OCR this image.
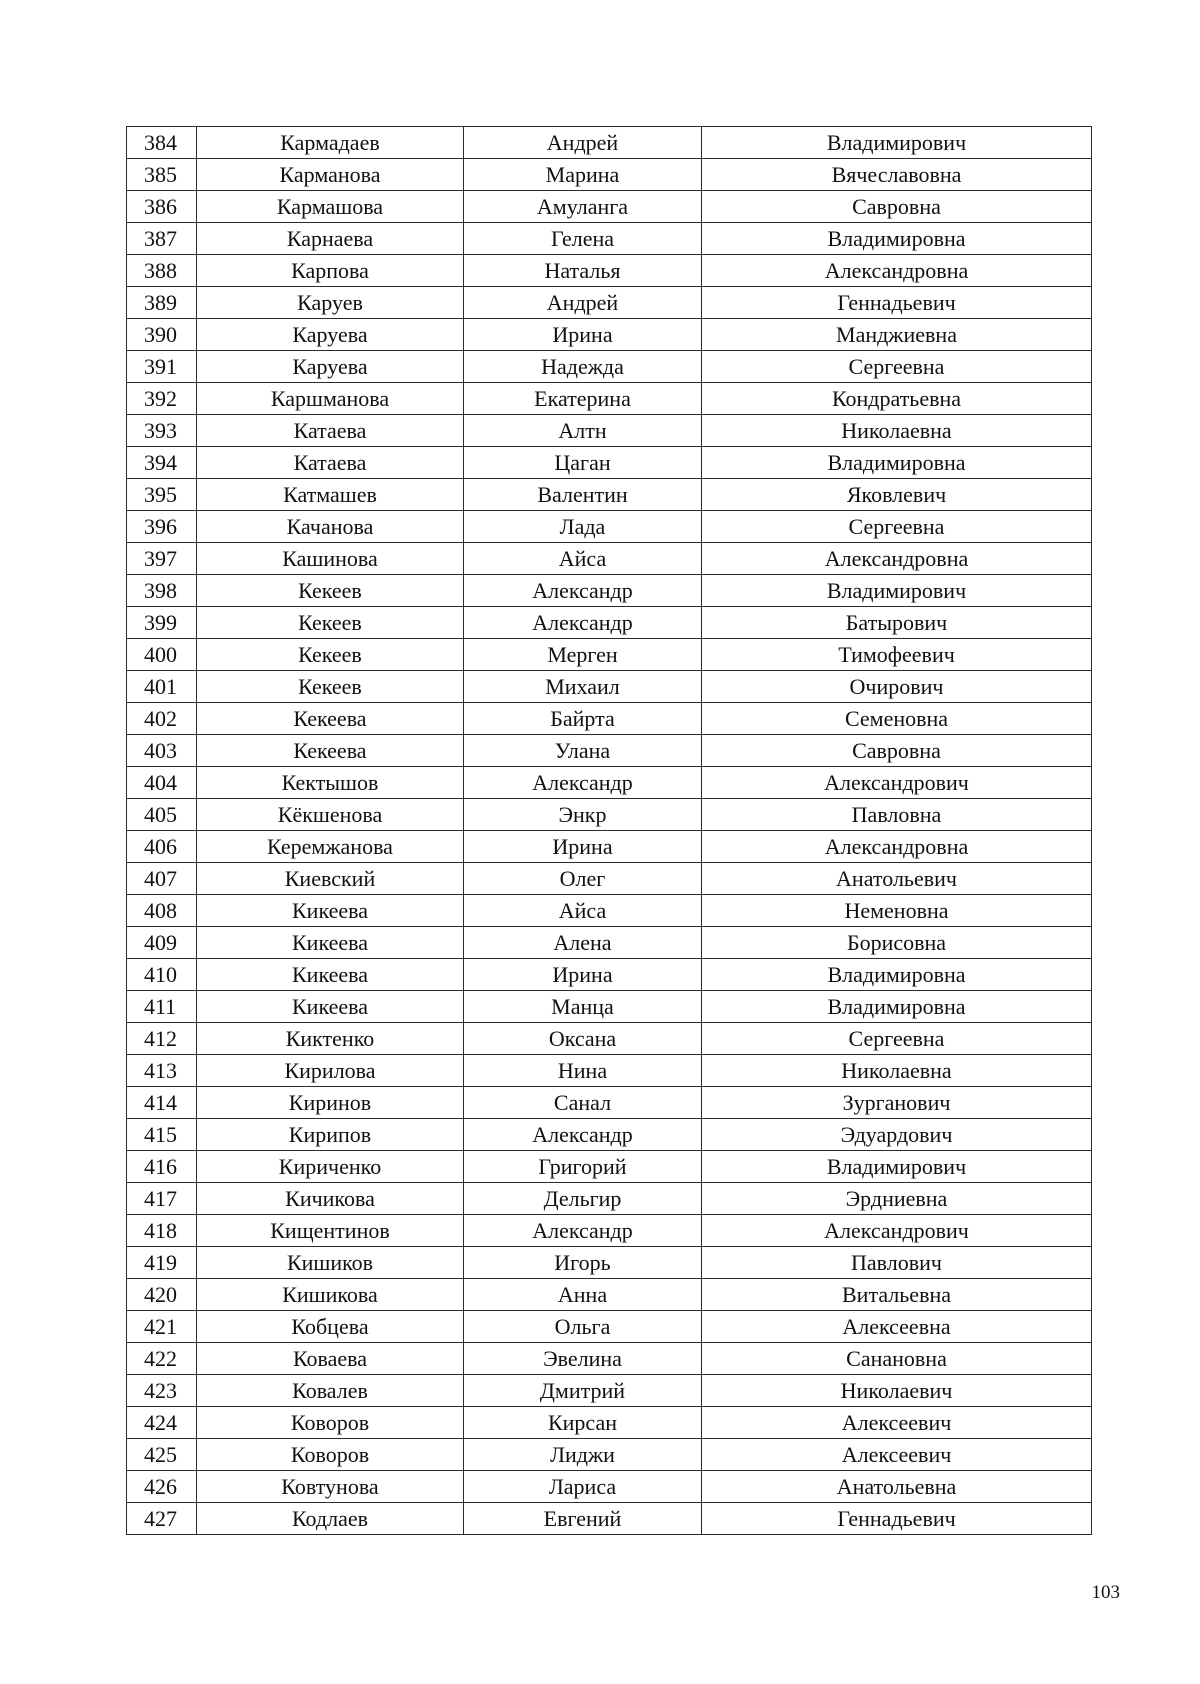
384	Кармадаев	Андрей	Владимирович
385	Карманова	Марина	Вячеславовна
386	Кармашова	Амуланга	Савровна
387	Карнаева	Гелена	Владимировна
388	Карпова	Наталья	Александровна
389	Каруев	Андрей	Геннадьевич
390	Каруева	Ирина	Манджиевна
391	Каруева	Надежда	Сергеевна
392	Каршманова	Екатерина	Кондратьевна
393	Катаева	Алтн	Николаевна
394	Катаева	Цаган	Владимировна
395	Катмашев	Валентин	Яковлевич
396	Качанова	Лада	Сергеевна
397	Кашинова	Айса	Александровна
398	Кекеев	Александр	Владимирович
399	Кекеев	Александр	Батырович
400	Кекеев	Мерген	Тимофеевич
401	Кекеев	Михаил	Очирович
402	Кекеева	Байрта	Семеновна
403	Кекеева	Улана	Савровна
404	Кектышов	Александр	Александрович
405	Кёкшенова	Энкр	Павловна
406	Керемжанова	Ирина	Александровна
407	Киевский	Олег	Анатольевич
408	Кикеева	Айса	Неменовна
409	Кикеева	Алена	Борисовна
410	Кикеева	Ирина	Владимировна
411	Кикеева	Манца	Владимировна
412	Киктенко	Оксана	Сергеевна
413	Кирилова	Нина	Николаевна
414	Киринов	Санал	Зурганович
415	Кирипов	Александр	Эдуардович
416	Кириченко	Григорий	Владимирович
417	Кичикова	Дельгир	Эрдниевна
418	Кищентинов	Александр	Александрович
419	Кишиков	Игорь	Павлович
420	Кишикова	Анна	Витальевна
421	Кобцева	Ольга	Алексеевна
422	Коваева	Эвелина	Санановна
423	Ковалев	Дмитрий	Николаевич
424	Коворов	Кирсан	Алексеевич
425	Коворов	Лиджи	Алексеевич
426	Ковтунова	Лариса	Анатольевна
427	Кодлаев	Евгений	Геннадьевич
103
